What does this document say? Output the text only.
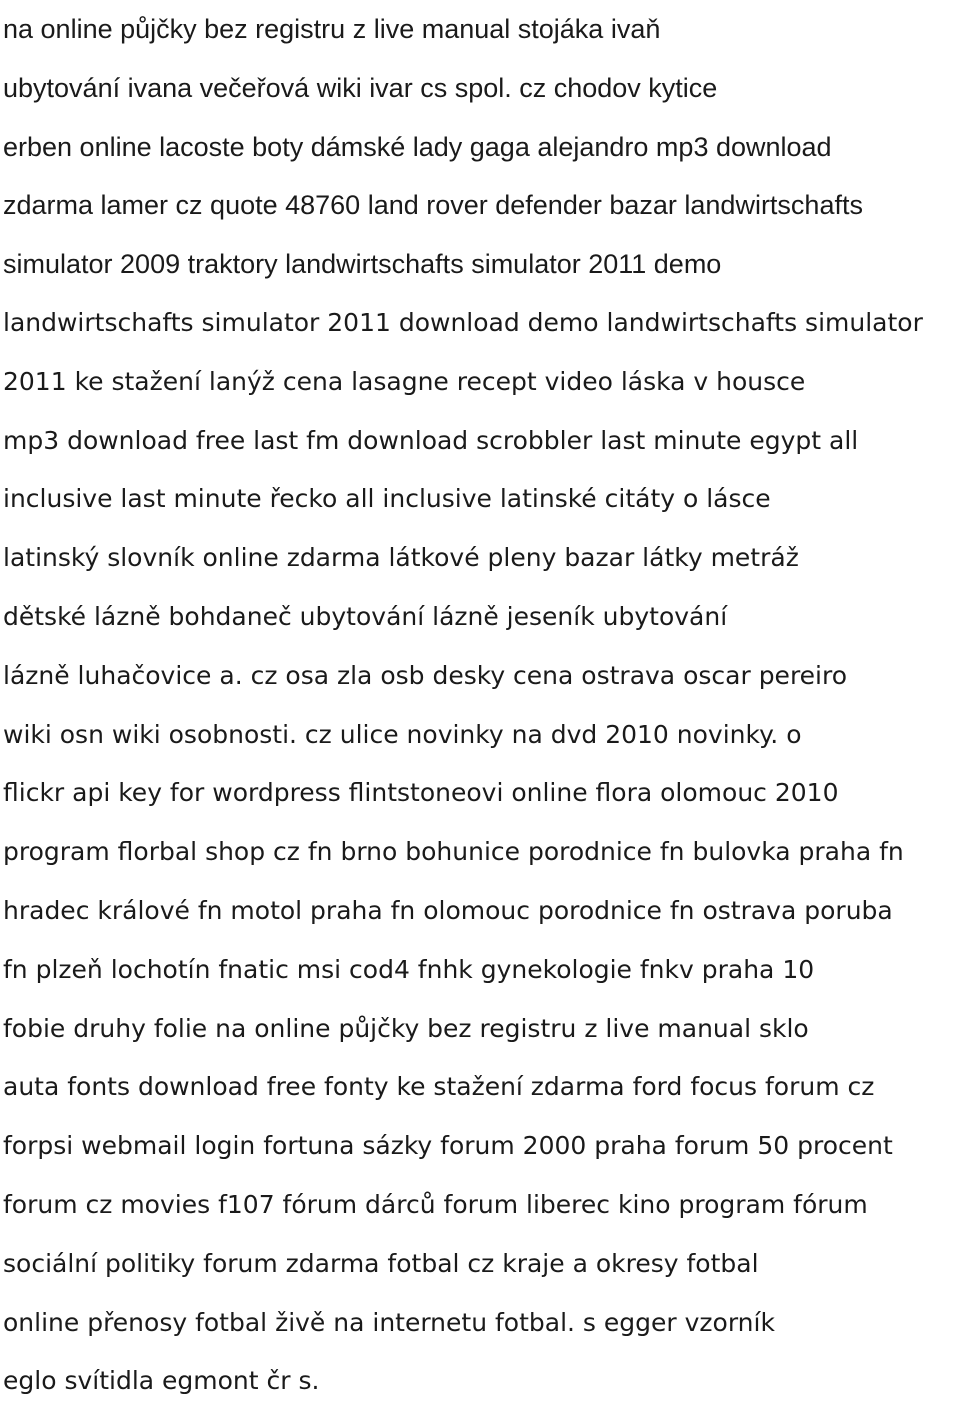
na online půjčky bez registru z live manual stojáka ivaň
ubytování ivana večeřová wiki ivar cs spol. cz chodov kytice
erben online lacoste boty dámské lady gaga alejandro mp3 download
zdarma lamer cz quote 48760 land rover defender bazar landwirtschafts
simulator 2009 traktory landwirtschafts simulator 2011 demo
landwirtschafts simulator 2011 download demo landwirtschafts simulator
2011 ke stažení lanýž cena lasagne recept video láska v housce
mp3 download free last fm download scrobbler last minute egypt all
inclusive last minute řecko all inclusive latinské citáty o lásce
latinský slovník online zdarma látkové pleny bazar látky metráž
dětské lázně bohdaneč ubytování lázně jeseník ubytování
lázně luhačovice a. cz osa zla osb desky cena ostrava oscar pereiro
wiki osn wiki osobnosti. cz ulice novinky na dvd 2010 novinky. o
flickr api key for wordpress flintstoneovi online flora olomouc 2010
program florbal shop cz fn brno bohunice porodnice fn bulovka praha fn
hradec králové fn motol praha fn olomouc porodnice fn ostrava poruba
fn plzeň lochotín fnatic msi cod4 fnhk gynekologie fnkv praha 10
fobie druhy folie na online půjčky bez registru z live manual sklo
auta fonts download free fonty ke stažení zdarma ford focus forum cz
forpsi webmail login fortuna sázky forum 2000 praha forum 50 procent
forum cz movies f107 fórum dárců forum liberec kino program fórum
sociální politiky forum zdarma fotbal cz kraje a okresy fotbal
online přenosy fotbal živě na internetu fotbal. s egger vzorník
eglo svítidla egmont čr s.
